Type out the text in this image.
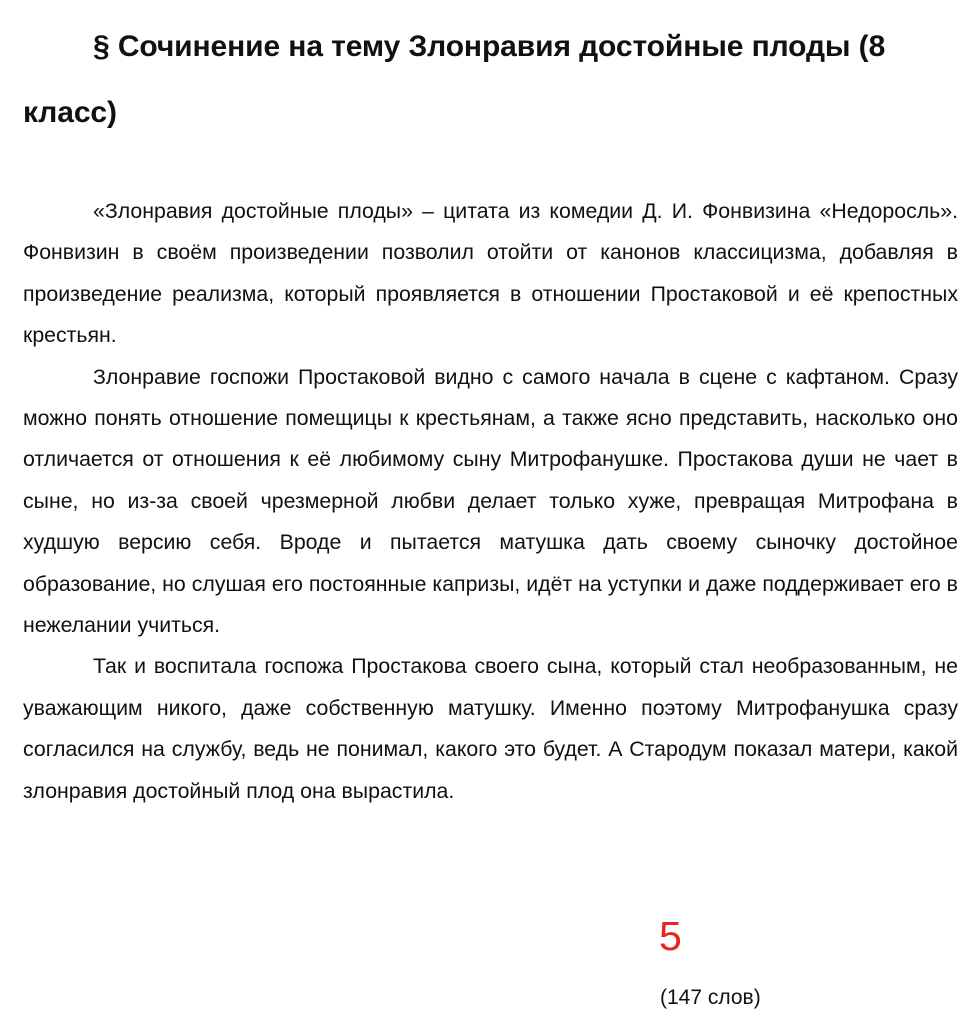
§ Сочинение на тему Злонравия достойные плоды (8 класс)

«Злонравия достойные плоды» – цитата из комедии Д. И. Фонвизина «Недоросль». Фонвизин в своём произведении позволил отойти от канонов классицизма, добавляя в произведение реализма, который проявляется в отношении Простаковой и её крепостных крестьян.

Злонравие госпожи Простаковой видно с самого начала в сцене с кафтаном. Сразу можно понять отношение помещицы к крестьянам, а также ясно представить, насколько оно отличается от отношения к её любимому сыну Митрофанушке. Простакова души не чает в сыне, но из-за своей чрезмерной любви делает только хуже, превращая Митрофана в худшую версию себя. Вроде и пытается матушка дать своему сыночку достойное образование, но слушая его постоянные капризы, идёт на уступки и даже поддерживает его в нежелании учиться.

Так и воспитала госпожа Простакова своего сына, который стал необразованным, не уважающим никого, даже собственную матушку. Именно поэтому Митрофанушка сразу согласился на службу, ведь не понимал, какого это будет. А Стародум показал матери, какой злонравия достойный плод она вырастила.

5
(147 слов)
